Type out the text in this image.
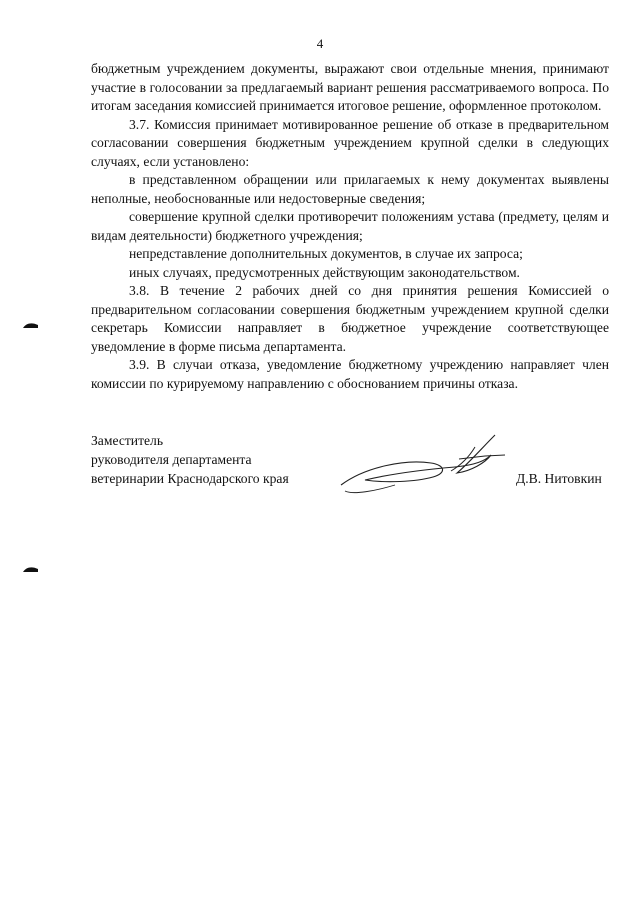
4

бюджетным учреждением документы, выражают свои отдельные мнения, принимают участие в голосовании за предлагаемый вариант решения рассматриваемого вопроса. По итогам заседания комиссией принимается итоговое решение, оформленное протоколом.

3.7. Комиссия принимает мотивированное решение об отказе в предварительном согласовании совершения бюджетным учреждением крупной сделки в следующих случаях, если установлено:

в представленном обращении или прилагаемых к нему документах выявлены неполные, необоснованные или недостоверные сведения;

совершение крупной сделки противоречит положениям устава (предмету, целям и видам деятельности) бюджетного учреждения;

непредставление дополнительных документов, в случае их запроса;

иных случаях, предусмотренных действующим законодательством.

3.8. В течение 2 рабочих дней со дня принятия решения Комиссией о предварительном согласовании совершения бюджетным учреждением крупной сделки секретарь Комиссии направляет в бюджетное учреждение соответствующее уведомление в форме письма департамента.

3.9. В случаи отказа, уведомление бюджетному учреждению направляет член комиссии по курируемому направлению с обоснованием причины отказа.

Заместитель
руководителя департамента
ветеринарии Краснодарского края	Д.В. Нитовкин
